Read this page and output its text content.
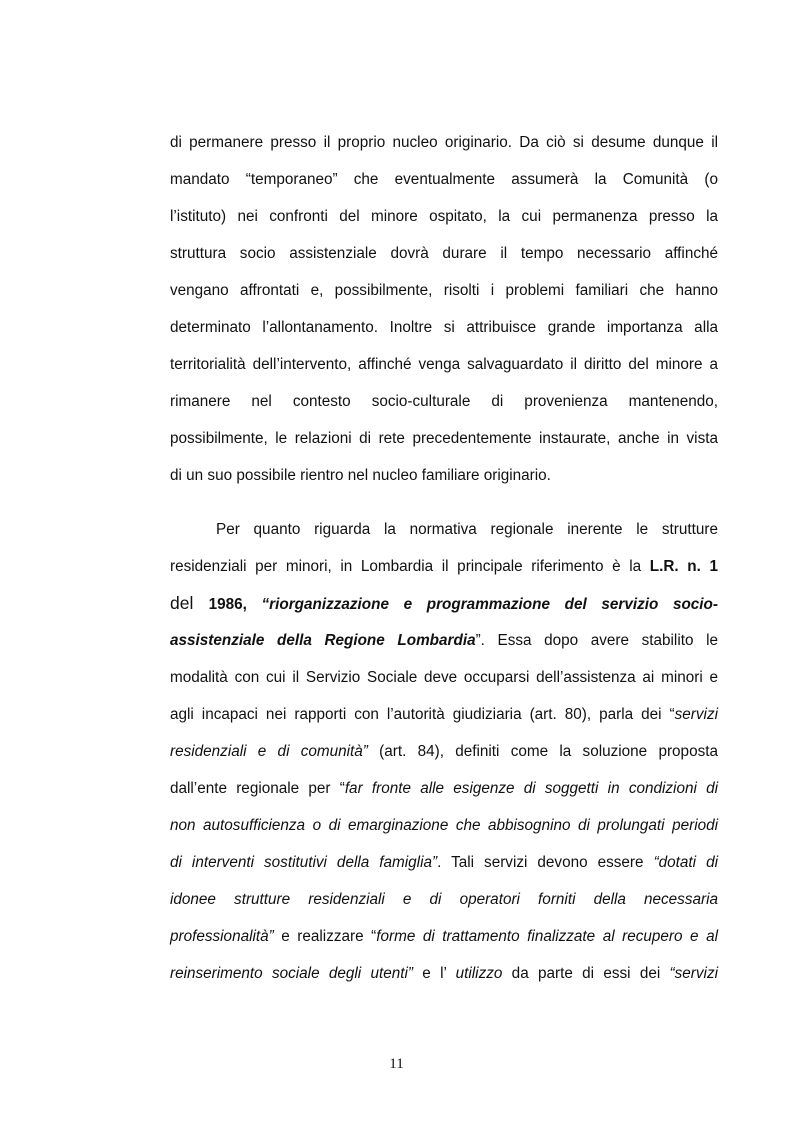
di permanere presso il proprio nucleo originario. Da ciò si desume dunque il
mandato “temporaneo” che eventualmente assumerà la Comunità (o
l’istituto) nei confronti del minore ospitato, la cui permanenza presso la
struttura socio assistenziale dovrà durare il tempo necessario affinché
vengano affrontati e, possibilmente, risolti i problemi familiari che hanno
determinato l’allontanamento. Inoltre si attribuisce grande importanza alla
territorialità dell’intervento, affinché venga salvaguardato il diritto del minore a
rimanere nel contesto socio-culturale di provenienza mantenendo,
possibilmente, le relazioni di rete precedentemente instaurate, anche in vista
di un suo possibile rientro nel nucleo familiare originario.

Per quanto riguarda la normativa regionale inerente le strutture
residenziali per minori, in Lombardia il principale riferimento è la L.R. n. 1
del 1986, “riorganizzazione e programmazione del servizio socio-
assistenziale della Regione Lombardia”. Essa dopo avere stabilito le
modalità con cui il Servizio Sociale deve occuparsi dell’assistenza ai minori e
agli incapaci nei rapporti con l’autorità giudiziaria (art. 80), parla dei “servizi
residenziali e di comunità” (art. 84), definiti come la soluzione proposta
dall’ente regionale per “far fronte alle esigenze di soggetti in condizioni di
non autosufficienza o di emarginazione che abbisognino di prolungati periodi
di interventi sostitutivi della famiglia”. Tali servizi devono essere “dotati di
idonee strutture residenziali e di operatori forniti della necessaria
professionalità” e realizzare “forme di trattamento finalizzate al recupero e al
reinserimento sociale degli utenti” e l’ utilizzo da parte di essi dei “servizi

11
